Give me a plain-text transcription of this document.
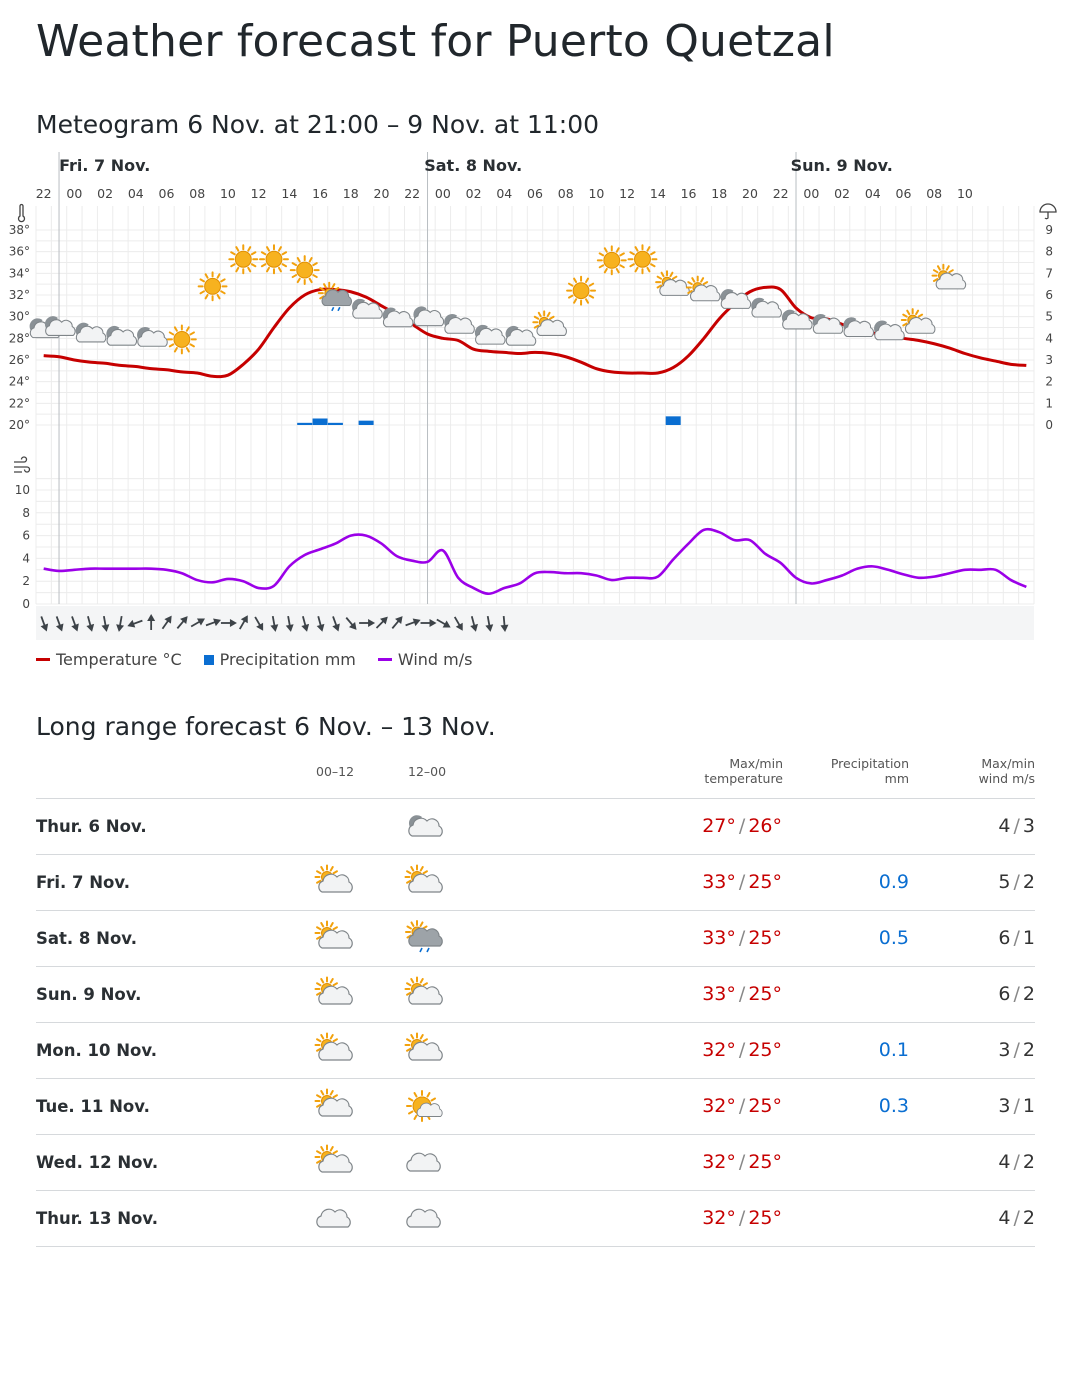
Weather forecast for Puerto Quetzal
Meteogram 6 Nov. at 21:00 – 9 Nov. at 11:00
Fri. 7 Nov.	Sat. 8 Nov.	Sun. 9 Nov.
22 00 02 04 06 08 10 12 14 16 18 20 22 00 02 04 06 08 10 12 14 16 18 20 22 00 02 04 06 08 10
38°
36°
34°
32°
30°
28°
26°
24°
22°
20°
9
8
7
6
5
4
3
2
1
0
10
8
6
4
2
0
Temperature °C Precipitation mm	Wind m/s
Long range forecast 6 Nov. – 13 Nov.
00–12	12–00
Max/min
temperature
Precipitation
mm
Max/min
wind m/s
Thur. 6 Nov.	27° / 26°	4 / 3
Fri. 7 Nov.	33° / 25°	0.9	5 / 2
Sat. 8 Nov.	33° / 25°	0.5	6 / 1
Sun. 9 Nov.	33° / 25°	6 / 2
Mon. 10 Nov.	32° / 25°	0.1	3 / 2
Tue. 11 Nov.	32° / 25°	0.3	3 / 1
Wed. 12 Nov.	32° / 25°	4 / 2
Thur. 13 Nov.	32° / 25°	4 / 2
